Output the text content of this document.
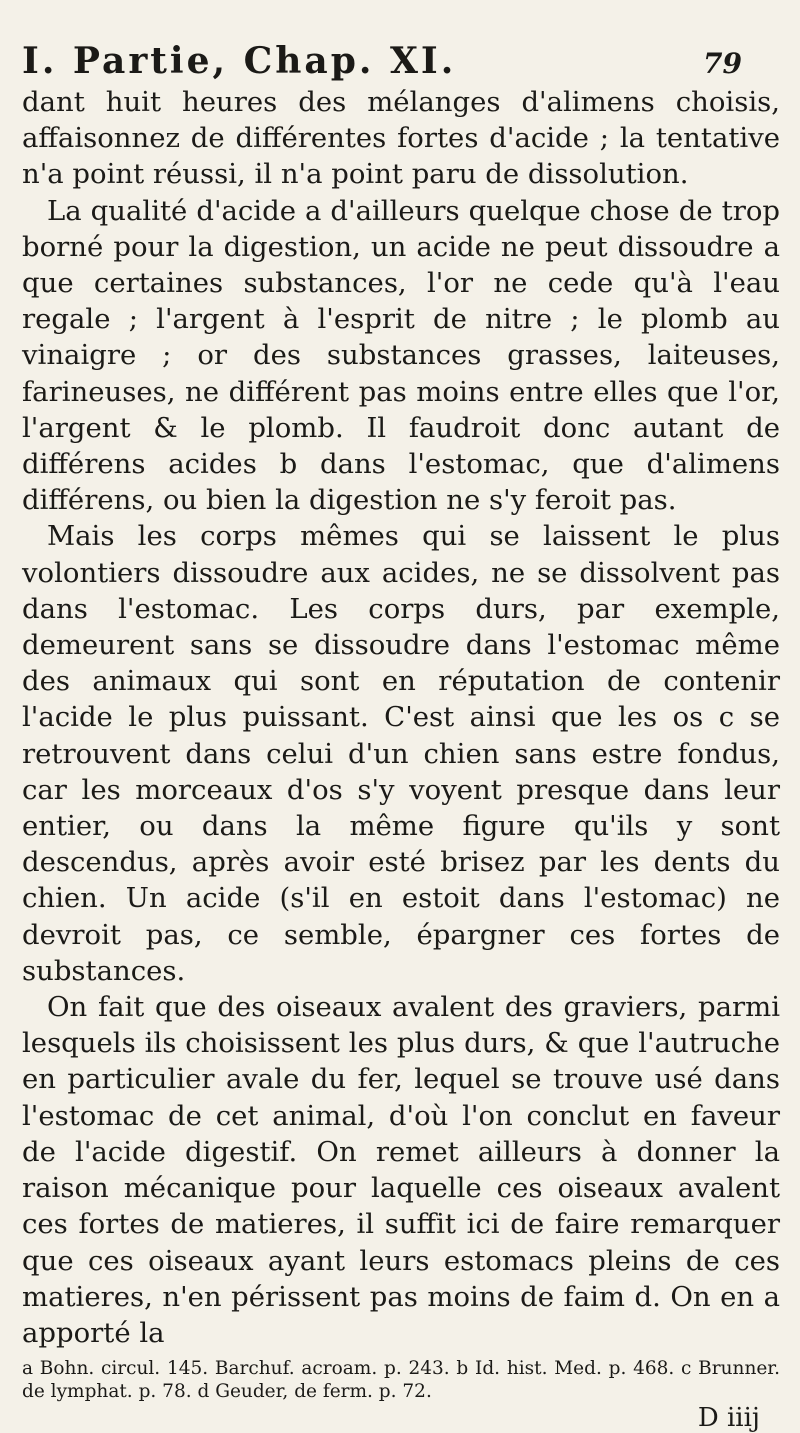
I. Partie, Chap. XI.	79

dant huit heures des mélanges d'alimens choisis, affaisonnez de différentes fortes d'acide ; la tentative n'a point réussi, il n'a point paru de dissolution.

La qualité d'acide a d'ailleurs quelque chose de trop borné pour la digestion, un acide ne peut dissoudre a que certaines substances, l'or ne cede qu'à l'eau regale ; l'argent à l'esprit de nitre ; le plomb au vinaigre ; or des substances grasses, laiteuses, farineuses, ne différent pas moins entre elles que l'or, l'argent & le plomb. Il faudroit donc autant de différens acides b dans l'estomac, que d'alimens différens, ou bien la digestion ne s'y feroit pas.

Mais les corps mêmes qui se laissent le plus volontiers dissoudre aux acides, ne se dissolvent pas dans l'estomac. Les corps durs, par exemple, demeurent sans se dissoudre dans l'estomac même des animaux qui sont en réputation de contenir l'acide le plus puissant. C'est ainsi que les os c se retrouvent dans celui d'un chien sans estre fondus, car les morceaux d'os s'y voyent presque dans leur entier, ou dans la même figure qu'ils y sont descendus, après avoir esté brisez par les dents du chien. Un acide (s'il en estoit dans l'estomac) ne devroit pas, ce semble, épargner ces fortes de substances.

On fait que des oiseaux avalent des graviers, parmi lesquels ils choisissent les plus durs, & que l'autruche en particulier avale du fer, lequel se trouve usé dans l'estomac de cet animal, d'où l'on conclut en faveur de l'acide digestif. On remet ailleurs à donner la raison mécanique pour laquelle ces oiseaux avalent ces fortes de matieres, il suffit ici de faire remarquer que ces oiseaux ayant leurs estomacs pleins de ces matieres, n'en périssent pas moins de faim d. On en a apporté la

a Bohn. circul. 145. Barchuf. acroam. p. 243. b Id. hist. Med. p. 468. c Brunner. de lymphat. p. 78. d Geuder, de ferm. p. 72.

D iiij
